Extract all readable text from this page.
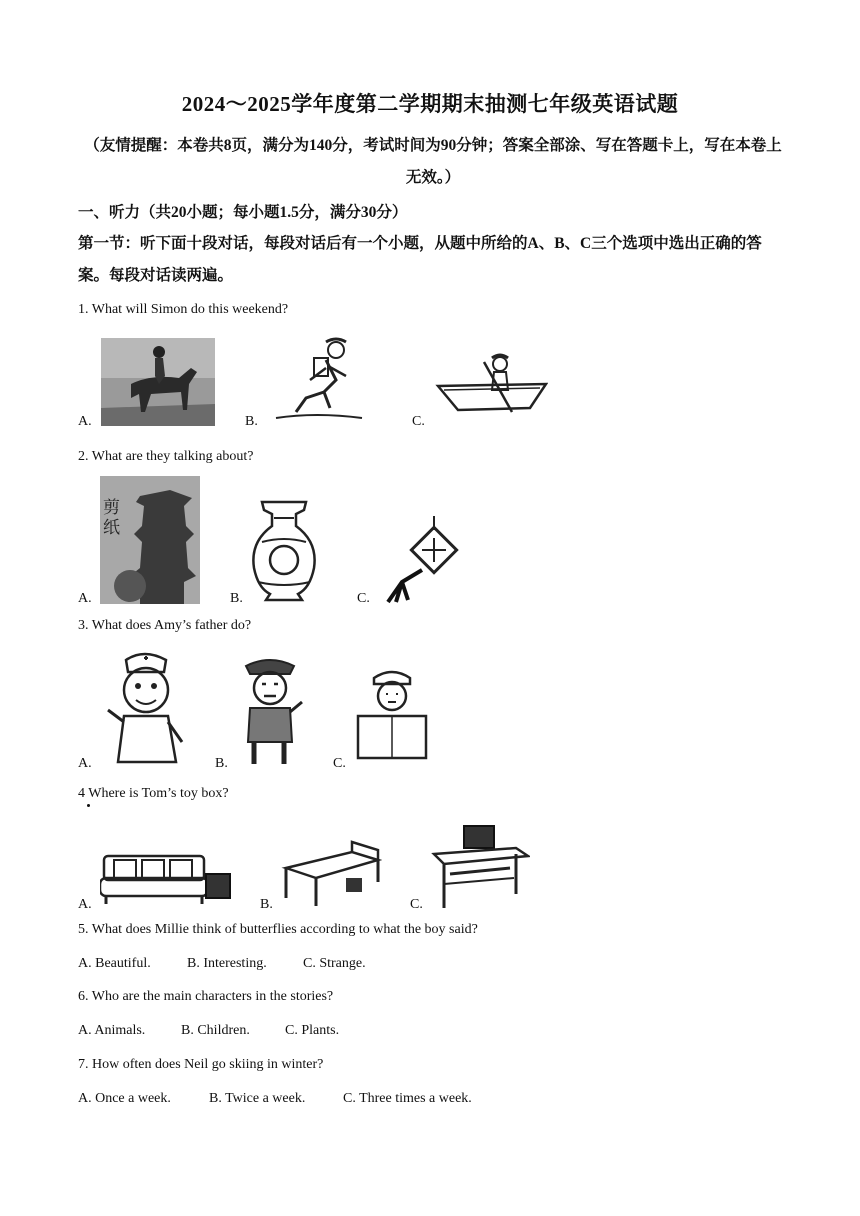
2024～2025学年度第二学期期末抽测七年级英语试题
（友情提醒：本卷共8页，满分为140分，考试时间为90分钟；答案全部涂、写在答题卡上，写在本卷上无效。）
一、听力（共20小题；每小题1.5分，满分30分）
第一节：听下面十段对话，每段对话后有一个小题，从题中所给的A、B、C三个选项中选出正确的答案。每段对话读两遍。
1. What will Simon do this weekend?
A.	B.	C.
2. What are they talking about?
A.	B.	C.
剪纸
3. What does Amy’s father do?
A.	B.	C.
4 Where is Tom’s toy box?
A.	B.	C.
5. What does Millie think of butterflies according to what the boy said?
A. Beautiful.	B. Interesting.	C. Strange.
6. Who are the main characters in the stories?
A. Animals.	B. Children.	C. Plants.
7. How often does Neil go skiing in winter?
A. Once a week.	B. Twice a week.	C. Three times a week.
